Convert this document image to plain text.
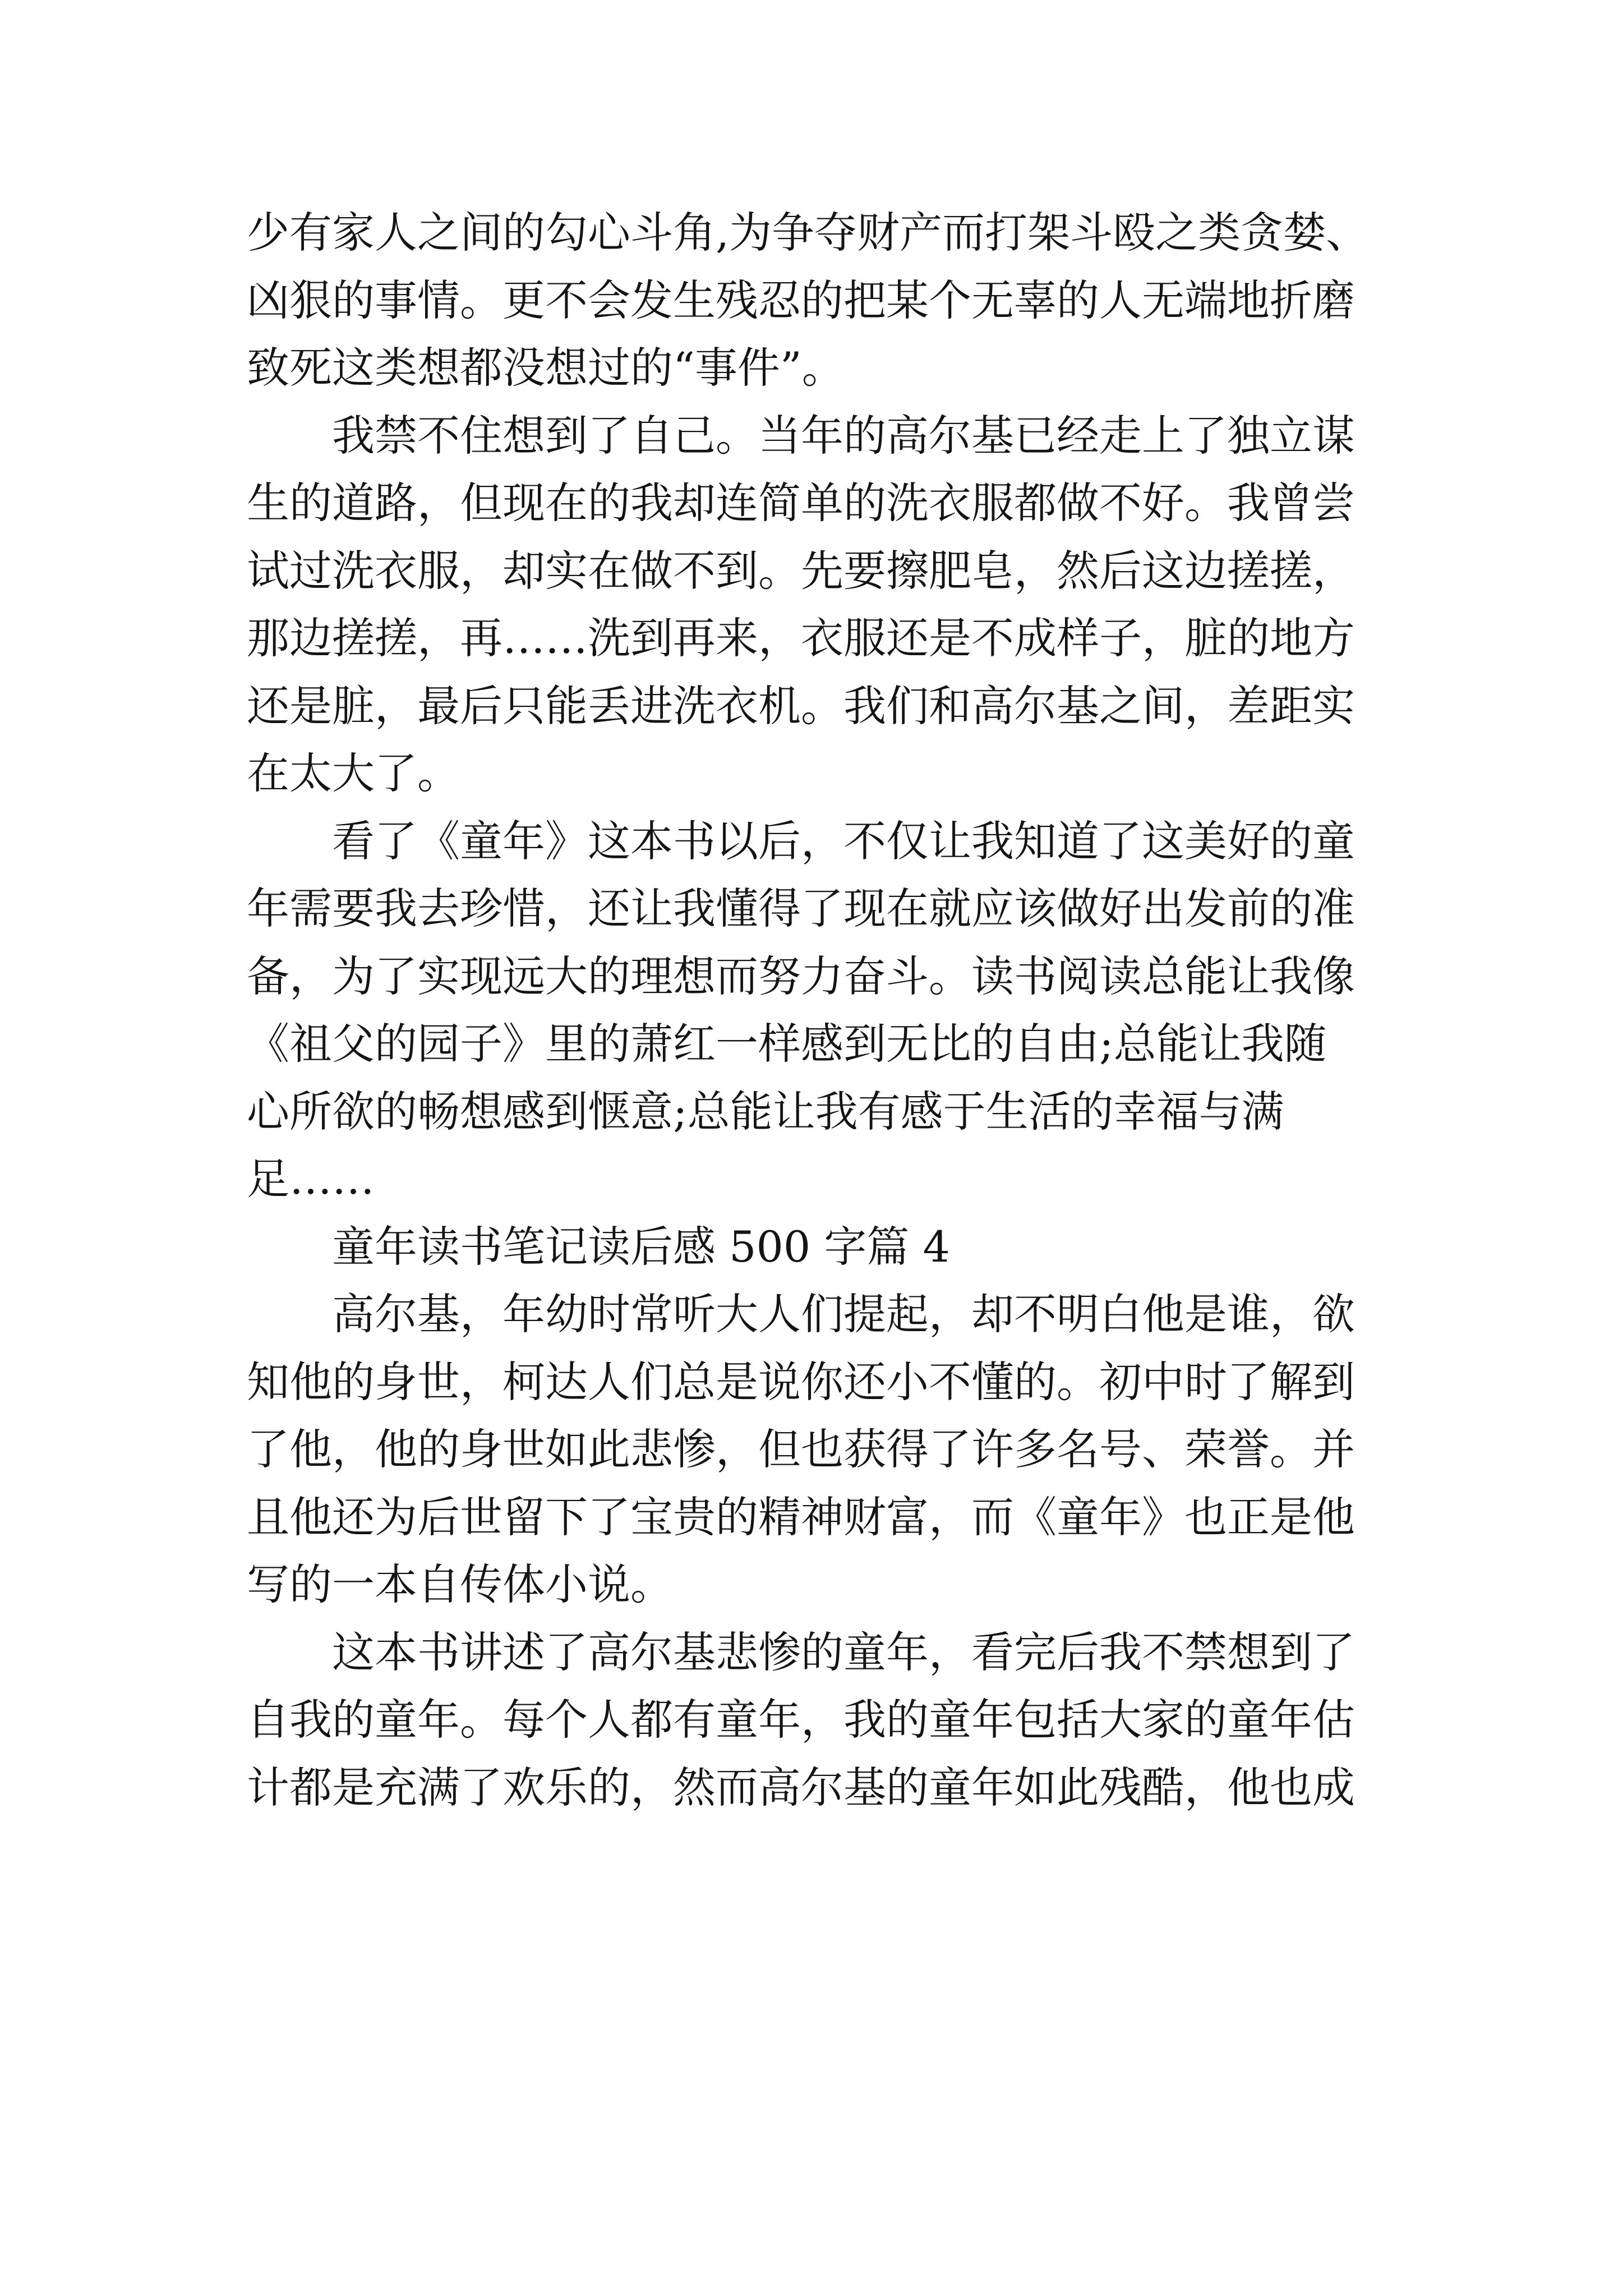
少有家人之间的勾心斗角,为争夺财产而打架斗殴之类贪婪、
凶狠的事情。更不会发生残忍的把某个无辜的人无端地折磨
致死这类想都没想过的“事件”。
我禁不住想到了自己。当年的高尔基已经走上了独立谋
生的道路，但现在的我却连简单的洗衣服都做不好。我曾尝
试过洗衣服，却实在做不到。先要擦肥皂，然后这边搓搓，
那边搓搓，再……洗到再来，衣服还是不成样子，脏的地方
还是脏，最后只能丢进洗衣机。我们和高尔基之间，差距实
在太大了。
看了《童年》这本书以后，不仅让我知道了这美好的童
年需要我去珍惜，还让我懂得了现在就应该做好出发前的准
备，为了实现远大的理想而努力奋斗。读书阅读总能让我像
《祖父的园子》里的萧红一样感到无比的自由;总能让我随
心所欲的畅想感到惬意;总能让我有感于生活的幸福与满
足……
童年读书笔记读后感 500 字篇 4
高尔基，年幼时常听大人们提起，却不明白他是谁，欲
知他的身世，柯达人们总是说你还小不懂的。初中时了解到
了他，他的身世如此悲惨，但也获得了许多名号、荣誉。并
且他还为后世留下了宝贵的精神财富，而《童年》也正是他
写的一本自传体小说。
这本书讲述了高尔基悲惨的童年，看完后我不禁想到了
自我的童年。每个人都有童年，我的童年包括大家的童年估
计都是充满了欢乐的，然而高尔基的童年如此残酷，他也成
